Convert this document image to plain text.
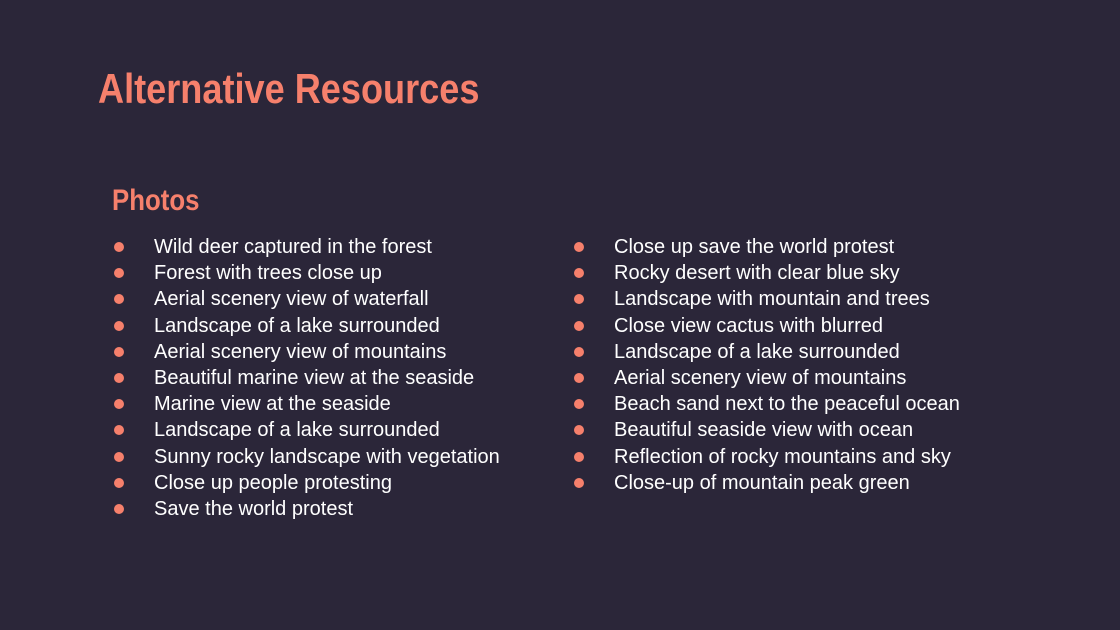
Alternative Resources
Photos
Wild deer captured in the forest
Forest with trees close up
Aerial scenery view of waterfall
Landscape of a lake surrounded
Aerial scenery view of mountains
Beautiful marine view at the seaside
Marine view at the seaside
Landscape of a lake surrounded
Sunny rocky landscape with vegetation
Close up people protesting
Save the world protest
Close up save the world protest
Rocky desert with clear blue sky
Landscape with mountain and trees
Close view cactus with blurred
Landscape of a lake surrounded
Aerial scenery view of mountains
Beach sand next to the peaceful ocean
Beautiful seaside view with ocean
Reflection of rocky mountains and sky
Close-up of mountain peak green
